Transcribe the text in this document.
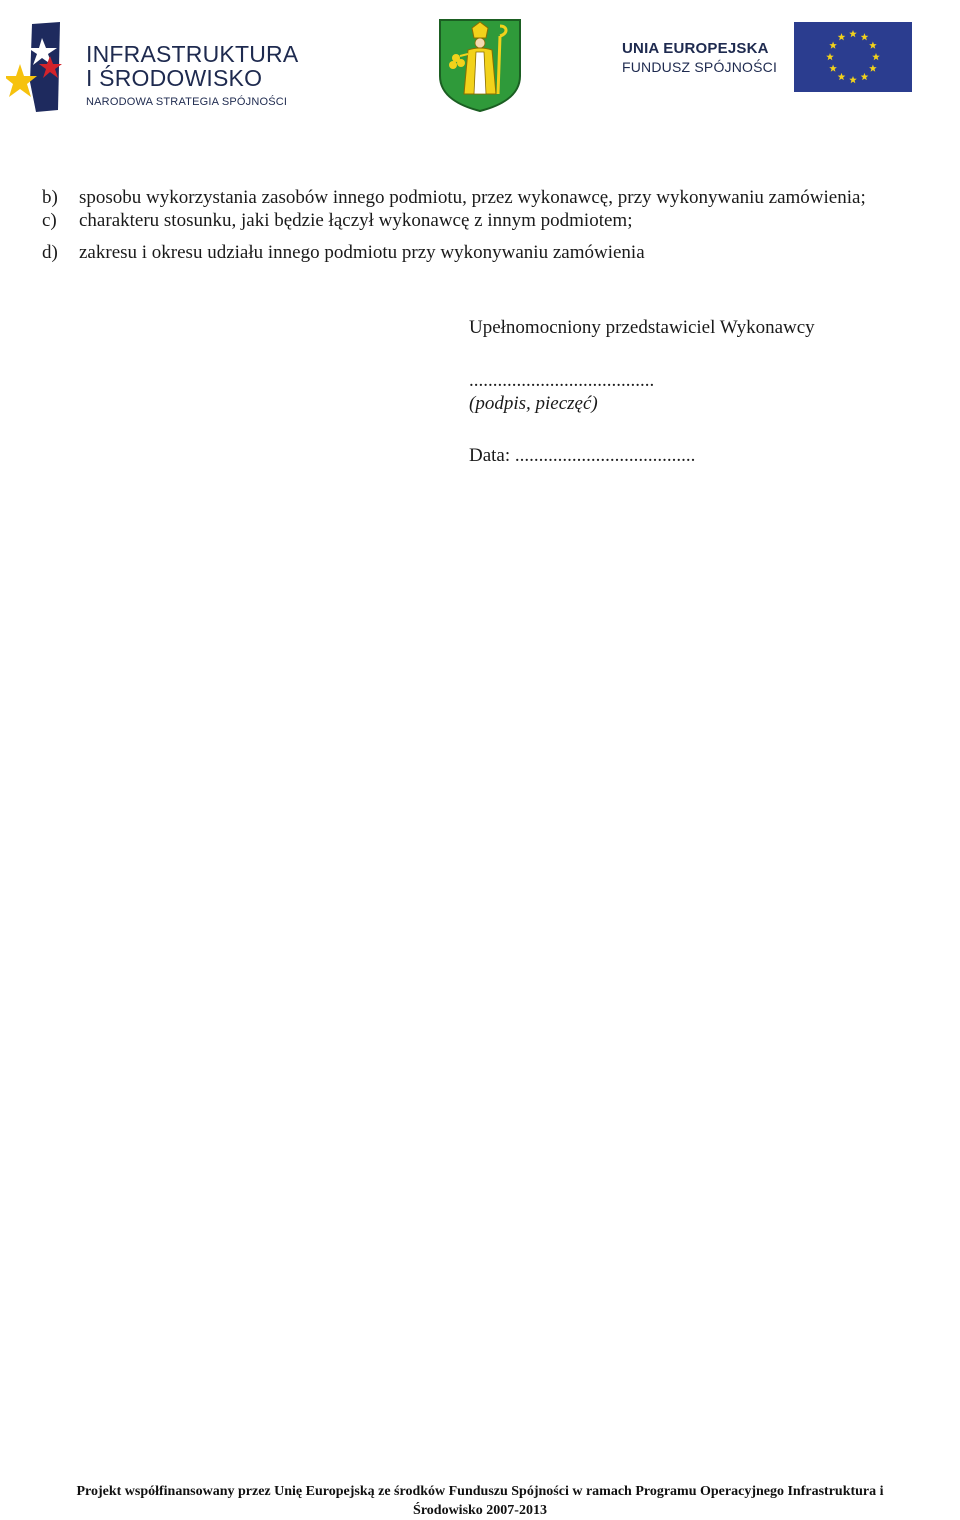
INFRASTRUKTURA
I ŚRODOWISKO
NARODOWA STRATEGIA SPÓJNOŚCI
UNIA EUROPEJSKA
FUNDUSZ SPÓJNOŚCI
b) sposobu wykorzystania zasobów innego podmiotu, przez wykonawcę, przy wykonywaniu zamówienia;
c) charakteru stosunku, jaki będzie łączył wykonawcę z innym podmiotem;
d) zakresu i okresu udziału innego podmiotu przy wykonywaniu zamówienia
Upełnomocniony przedstawiciel Wykonawcy
.......................................
(podpis, pieczęć)
Data: ......................................
Projekt współfinansowany przez Unię Europejską ze środków Funduszu Spójności w ramach Programu Operacyjnego Infrastruktura i
Środowisko 2007-2013
